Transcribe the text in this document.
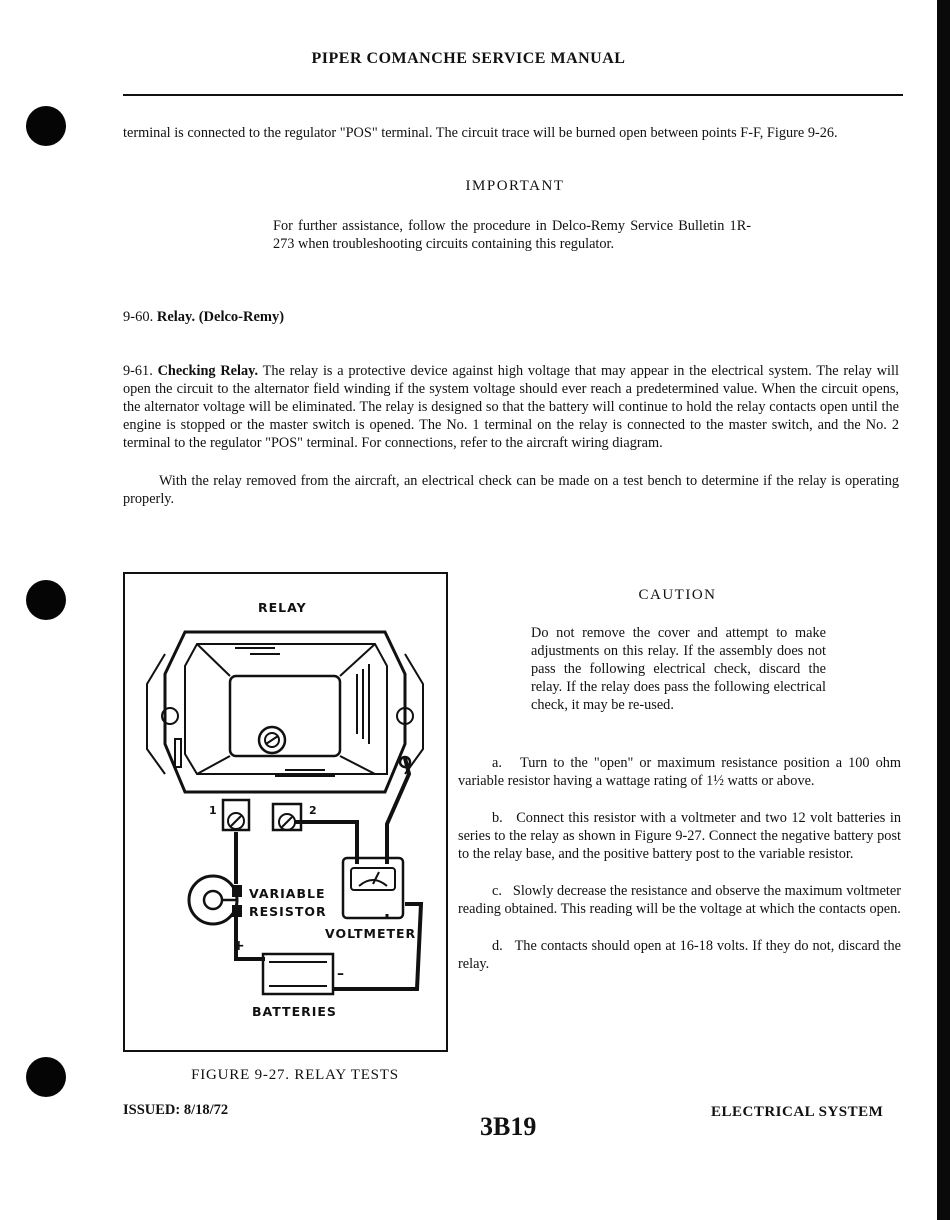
PIPER COMANCHE SERVICE MANUAL
terminal is connected to the regulator "POS" terminal. The circuit trace will be burned open between points F-F, Figure 9-26.
IMPORTANT
For further assistance, follow the procedure in Delco-Remy Service Bulletin 1R-273 when troubleshooting circuits containing this regulator.
9-60. Relay. (Delco-Remy)
9-61. Checking Relay. The relay is a protective device against high voltage that may appear in the electrical system. The relay will open the circuit to the alternator field winding if the system voltage should ever reach a predetermined value. When the circuit opens, the alternator voltage will be eliminated. The relay is designed so that the battery will continue to hold the relay contacts open until the engine is stopped or the master switch is opened. The No. 1 terminal on the relay is connected to the master switch, and the No. 2 terminal to the regulator "POS" terminal. For connections, refer to the aircraft wiring diagram.
With the relay removed from the aircraft, an electrical check can be made on a test bench to determine if the relay is operating properly.
RELAY
1	2
VARIABLE
RESISTOR
VOLTMETER
+
–
BATTERIES
FIGURE 9-27. RELAY TESTS
CAUTION
Do not remove the cover and attempt to make adjustments on this relay. If the assembly does not pass the following electrical check, discard the relay. If the relay does pass the following electrical check, it may be re-used.
a. Turn to the "open" or maximum resistance position a 100 ohm variable resistor having a wattage rating of 1½ watts or above.
b. Connect this resistor with a voltmeter and two 12 volt batteries in series to the relay as shown in Figure 9-27. Connect the negative battery post to the relay base, and the positive battery post to the variable resistor.
c. Slowly decrease the resistance and observe the maximum voltmeter reading obtained. This reading will be the voltage at which the contacts open.
d. The contacts should open at 16-18 volts. If they do not, discard the relay.
ISSUED: 8/18/72
3B19	ELECTRICAL SYSTEM
